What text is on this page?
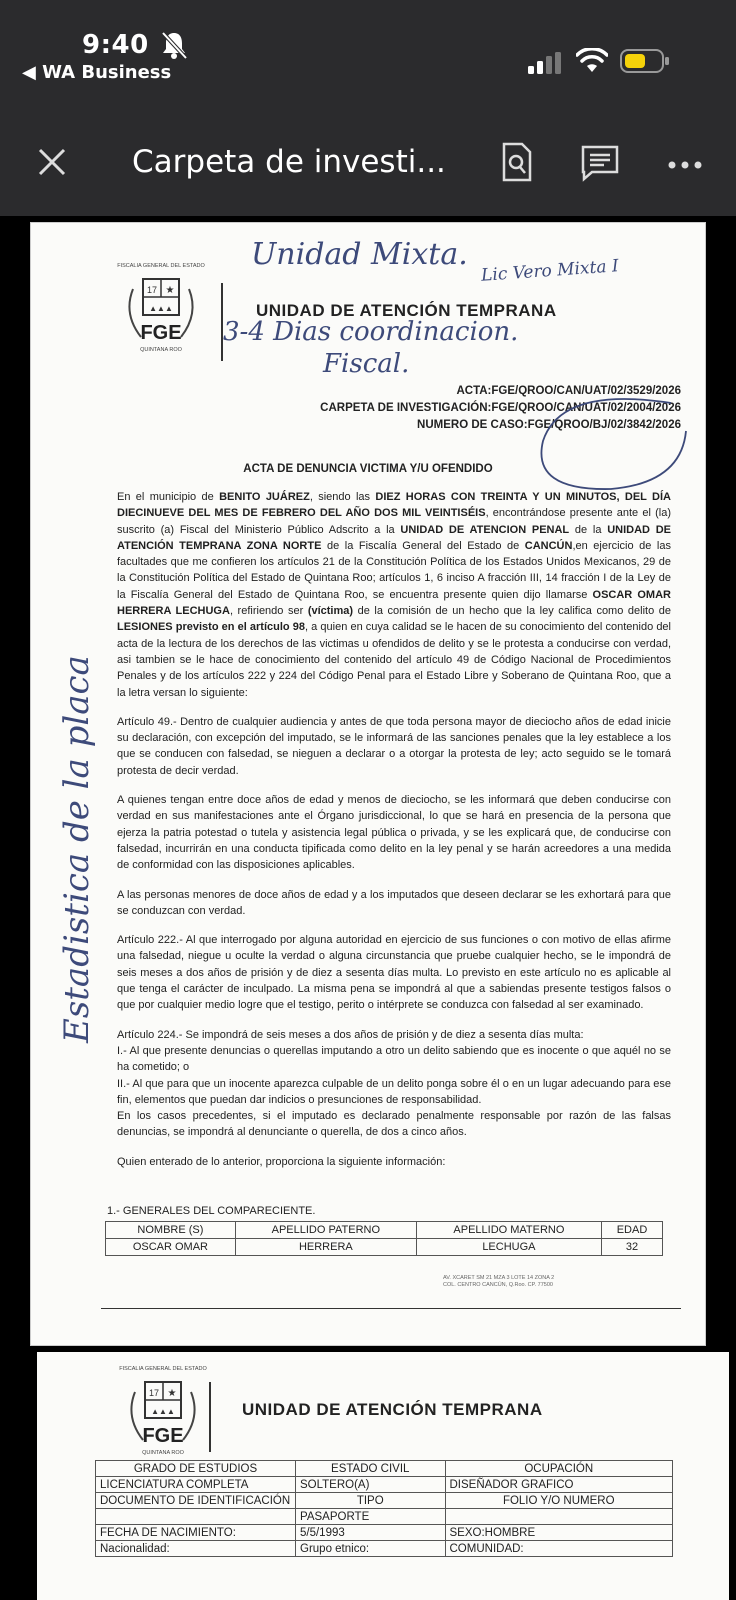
9:40
◀ WA Business
Carpeta de investi...
FISCALIA GENERAL DEL ESTADO
17 ★
▲▲▲
FGE
QUINTANA ROO
UNIDAD DE ATENCIÓN TEMPRANA
Unidad Mixta. Lic Vero Mixta I
3-4 Dias coordinacion.
Fiscal.
ACTA:FGE/QROO/CAN/UAT/02/3529/2026
CARPETA DE INVESTIGACIÓN:FGE/QROO/CAN/UAT/02/2004/2026
NUMERO DE CASO:FGE/QROO/BJ/02/3842/2026
ACTA DE DENUNCIA VICTIMA Y/U OFENDIDO

En el municipio de BENITO JUÁREZ, siendo las DIEZ HORAS CON TREINTA Y UN MINUTOS, DEL DÍA DIECINUEVE DEL MES DE FEBRERO DEL AÑO DOS MIL VEINTISÉIS, encontrándose presente ante el (la) suscrito (a) Fiscal del Ministerio Público Adscrito a la UNIDAD DE ATENCION PENAL de la UNIDAD DE ATENCIÓN TEMPRANA ZONA NORTE de la Fiscalía General del Estado de CANCÚN,en ejercicio de las facultades que me confieren los artículos 21 de la Constitución Política de los Estados Unidos Mexicanos, 29 de la Constitución Política del Estado de Quintana Roo; artículos 1, 6 inciso A fracción III, 14 fracción I de la Ley de la Fiscalía General del Estado de Quintana Roo, se encuentra presente quien dijo llamarse OSCAR OMAR HERRERA LECHUGA, refiriendo ser (víctima) de la comisión de un hecho que la ley califica como delito de LESIONES previsto en el artículo 98, a quien en cuya calidad se le hacen de su conocimiento del contenido del acta de la lectura de los derechos de las victimas u ofendidos de delito y se le protesta a conducirse con verdad, asi tambien se le hace de conocimiento del contenido del artículo 49 de Código Nacional de Procedimientos Penales y de los artículos 222 y 224 del Código Penal para el Estado Libre y Soberano de Quintana Roo, que a la letra versan lo siguiente:

Artículo 49.- Dentro de cualquier audiencia y antes de que toda persona mayor de dieciocho años de edad inicie su declaración, con excepción del imputado, se le informará de las sanciones penales que la ley establece a los que se conducen con falsedad, se nieguen a declarar o a otorgar la protesta de ley; acto seguido se le tomará protesta de decir verdad.

A quienes tengan entre doce años de edad y menos de dieciocho, se les informará que deben conducirse con verdad en sus manifestaciones ante el Órgano jurisdiccional, lo que se hará en presencia de la persona que ejerza la patria potestad o tutela y asistencia legal pública o privada, y se les explicará que, de conducirse con falsedad, incurrirán en una conducta tipificada como delito en la ley penal y se harán acreedores a una medida de conformidad con las disposiciones aplicables.

A las personas menores de doce años de edad y a los imputados que deseen declarar se les exhortará para que se conduzcan con verdad.

Artículo 222.- Al que interrogado por alguna autoridad en ejercicio de sus funciones o con motivo de ellas afirme una falsedad, niegue u oculte la verdad o alguna circunstancia que pruebe cualquier hecho, se le impondrá de seis meses a dos años de prisión y de diez a sesenta días multa. Lo previsto en este artículo no es aplicable al que tenga el carácter de inculpado. La misma pena se impondrá al que a sabiendas presente testigos falsos o que por cualquier medio logre que el testigo, perito o intérprete se conduzca con falsedad al ser examinado.

Artículo 224.- Se impondrá de seis meses a dos años de prisión y de diez a sesenta días multa:
I.- Al que presente denuncias o querellas imputando a otro un delito sabiendo que es inocente o que aquél no se ha cometido; o
II.- Al que para que un inocente aparezca culpable de un delito ponga sobre él o en un lugar adecuando para ese fin, elementos que puedan dar indicios o presunciones de responsabilidad.
En los casos precedentes, si el imputado es declarado penalmente responsable por razón de las falsas denuncias, se impondrá al denunciante o querella, de dos a cinco años.

Quien enterado de lo anterior, proporciona la siguiente información:

Estadistica de la placa
1.- GENERALES DEL COMPARECIENTE.
NOMBRE (S)	APELLIDO PATERNO	APELLIDO MATERNO	EDAD
OSCAR OMAR	HERRERA	LECHUGA	32
AV. XCARET SM 21 MZA 3 LOTE 14 ZONA 2 COL. CENTRO CANCÚN, Q.Roo. CP. 77500
FISCALIA GENERAL DEL ESTADO
17 ★
▲▲▲
FGE
QUINTANA ROO
UNIDAD DE ATENCIÓN TEMPRANA
GRADO DE ESTUDIOS	ESTADO CIVIL	OCUPACIÓN
LICENCIATURA COMPLETA	SOLTERO(A)	DISEÑADOR GRAFICO
DOCUMENTO DE IDENTIFICACIÓN	TIPO	FOLIO Y/O NUMERO
	PASAPORTE	
FECHA DE NACIMIENTO:	5/5/1993	SEXO:HOMBRE
Nacionalidad:	Grupo etnico:	COMUNIDAD:
